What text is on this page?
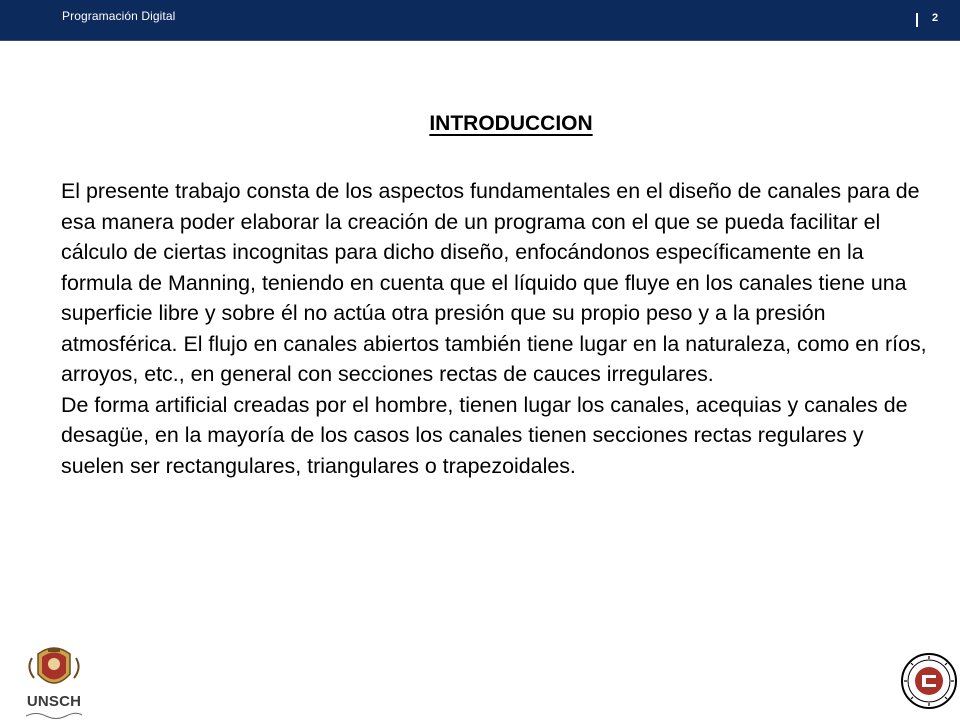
Programación Digital	2
INTRODUCCION

El presente trabajo consta de los aspectos fundamentales en el diseño de canales para de esa manera poder elaborar la creación de un programa con el que se pueda facilitar el cálculo de ciertas incognitas para dicho diseño, enfocándonos específicamente en la formula de Manning, teniendo en cuenta que el líquido que fluye en los canales tiene una superficie libre y sobre él no actúa otra presión que su propio peso y a la presión atmosférica. El flujo en canales abiertos también tiene lugar en la naturaleza, como en ríos, arroyos, etc., en general con secciones rectas de cauces irregulares.

De forma artificial creadas por el hombre, tienen lugar los canales, acequias y canales de desagüe, en la mayoría de los casos los canales tienen secciones rectas regulares y suelen ser rectangulares, triangulares o trapezoidales.

UNSCH
